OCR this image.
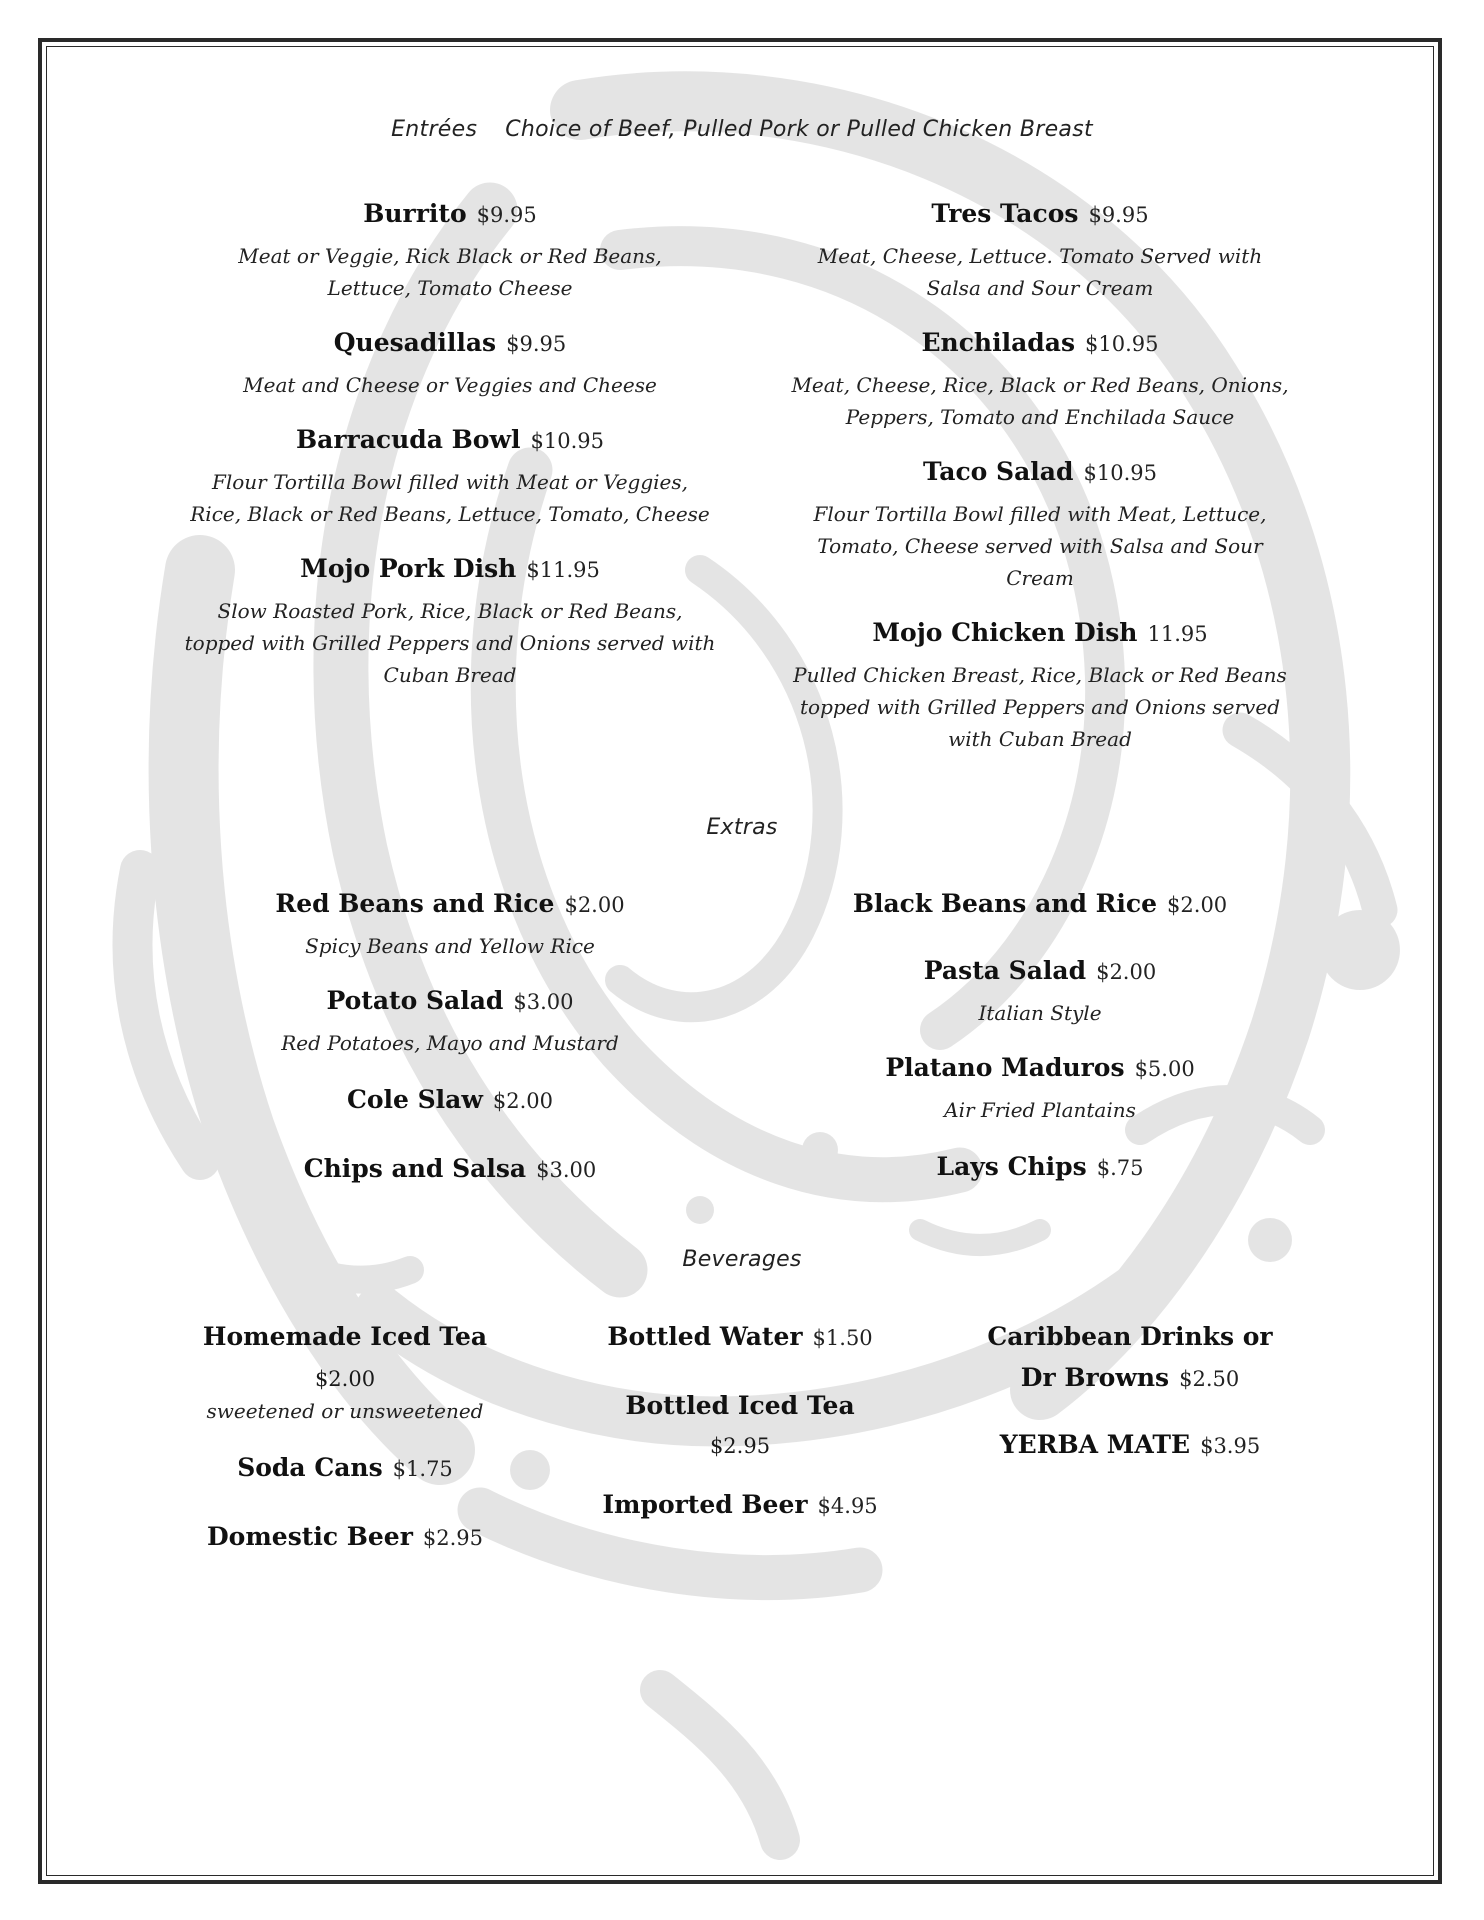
Entrées Choice of Beef, Pulled Pork or Pulled Chicken Breast
Burrito $9.95
Meat or Veggie, Rick Black or Red Beans, Lettuce, Tomato Cheese
Quesadillas $9.95
Meat and Cheese or Veggies and Cheese
Barracuda Bowl $10.95
Flour Tortilla Bowl filled with Meat or Veggies, Rice, Black or Red Beans, Lettuce, Tomato, Cheese
Mojo Pork Dish $11.95
Slow Roasted Pork, Rice, Black or Red Beans, topped with Grilled Peppers and Onions served with Cuban Bread
Tres Tacos $9.95
Meat, Cheese, Lettuce. Tomato Served with Salsa and Sour Cream
Enchiladas $10.95
Meat, Cheese, Rice, Black or Red Beans, Onions, Peppers, Tomato and Enchilada Sauce
Taco Salad $10.95
Flour Tortilla Bowl filled with Meat, Lettuce, Tomato, Cheese served with Salsa and Sour Cream
Mojo Chicken Dish 11.95
Pulled Chicken Breast, Rice, Black or Red Beans topped with Grilled Peppers and Onions served with Cuban Bread
Extras
Red Beans and Rice $2.00
Spicy Beans and Yellow Rice
Potato Salad $3.00
Red Potatoes, Mayo and Mustard
Cole Slaw $2.00
Chips and Salsa $3.00
Black Beans and Rice $2.00
Pasta Salad $2.00
Italian Style
Platano Maduros $5.00
Air Fried Plantains
Lays Chips $.75
Beverages
Homemade Iced Tea
$2.00
sweetened or unsweetened
Soda Cans $1.75
Domestic Beer $2.95
Bottled Water $1.50
Bottled Iced Tea
$2.95
Imported Beer $4.95
Caribbean Drinks or
Dr Browns $2.50
YERBA MATE $3.95
